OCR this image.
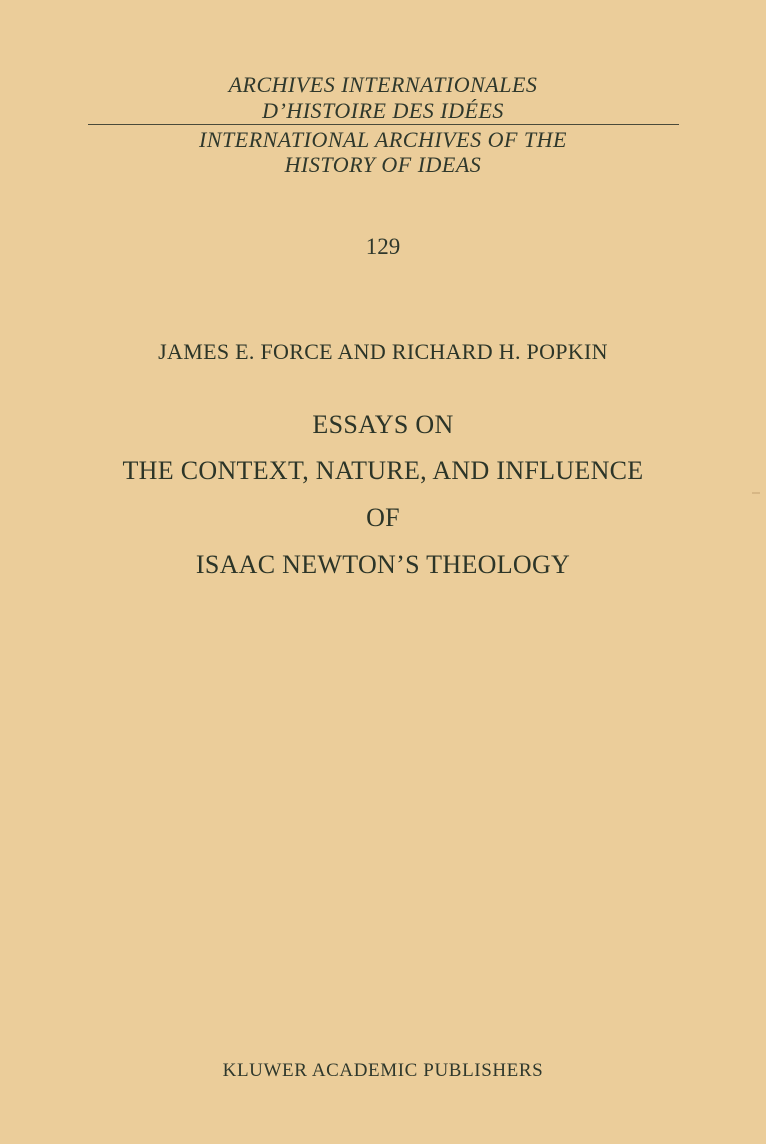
ARCHIVES INTERNATIONALES
D’HISTOIRE DES IDÉES
INTERNATIONAL ARCHIVES OF THE
HISTORY OF IDEAS
129
JAMES E. FORCE AND RICHARD H. POPKIN
ESSAYS ON
THE CONTEXT, NATURE, AND INFLUENCE
OF
ISAAC NEWTON’S THEOLOGY
KLUWER ACADEMIC PUBLISHERS
